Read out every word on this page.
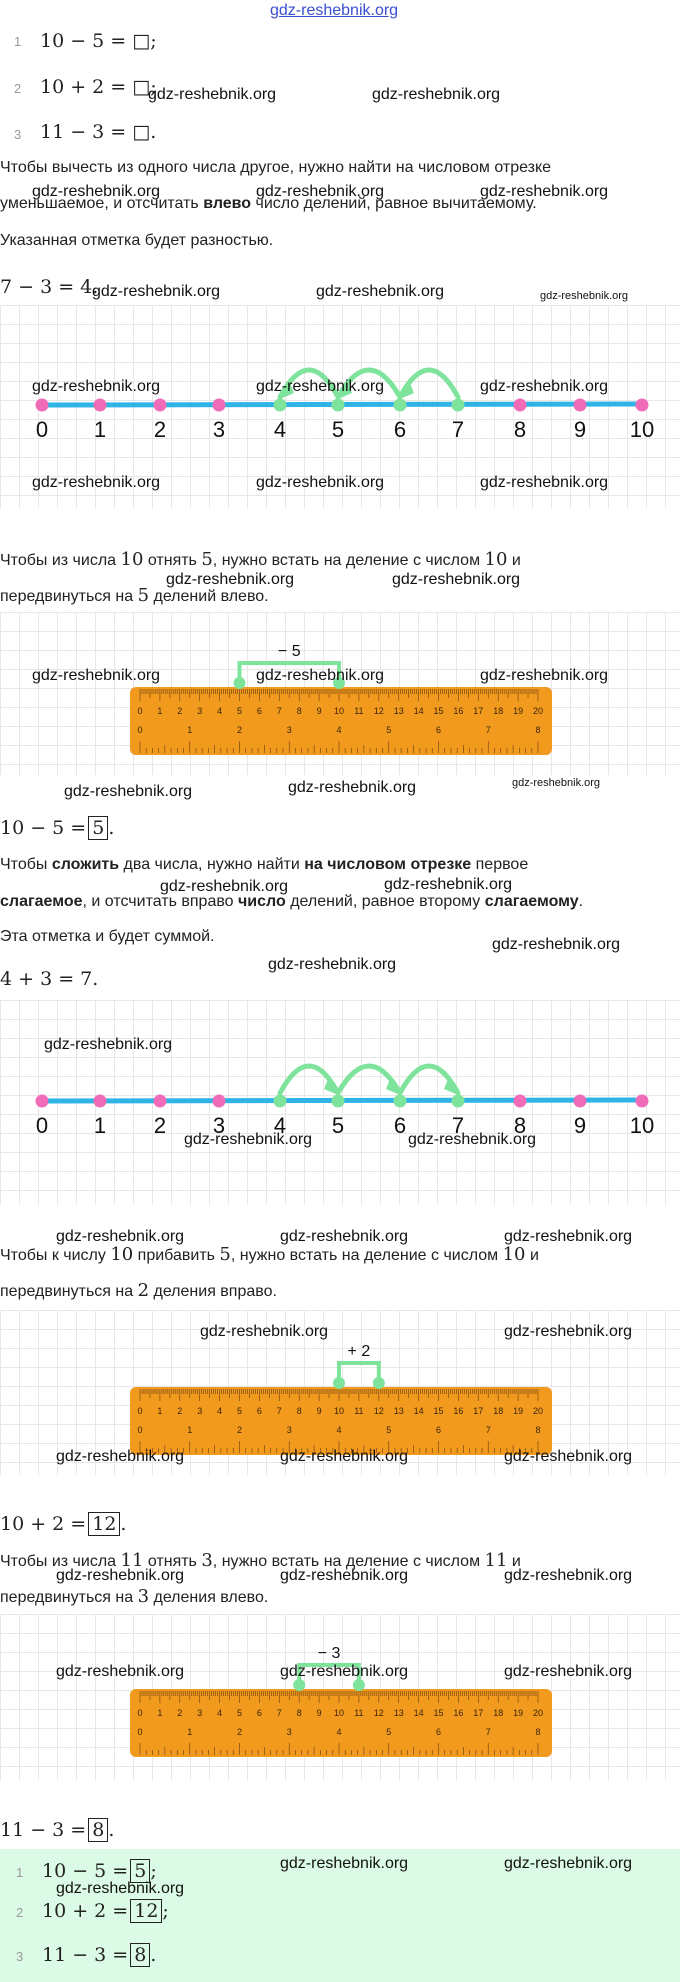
gdz-reshebnik.org
1 10 − 5 = □;
2 10 + 2 = □;
3 11 − 3 = □.
Чтобы вычесть из одного числа другое, нужно найти на числовом отрезке
уменьшаемое, и отсчитать влево число делений, равное вычитаемому.
Указанная отметка будет разностью.
7 − 3 = 4.
0 1 2 3 4 5 6 7 8 9 10
Чтобы из числа 10 отнять 5, нужно встать на деление с числом 10 и
передвинуться на 5 делений влево.
0 1 2 3 4 5 6 7 8 9 10 11 12 13 14 15 16 17 18 19 20
0	1	2	3	4	5	6	7	8
− 5
10 − 5 = 5 .
Чтобы сложить два числа, нужно найти на числовом отрезке первое
слагаемое, и отсчитать вправо число делений, равное второму слагаемому.
Эта отметка и будет суммой.
4 + 3 = 7.
0 1 2 3 4 5 6 7 8 9 10
Чтобы к числу 10 прибавить 5, нужно встать на деление с числом 10 и
передвинуться на 2 деления вправо.
0 1 2 3 4 5 6 7 8 9 10 11 12 13 14 15 16 17 18 19 20
0	1	2	3	4	5	6	7	8
+ 2
10 + 2 = 12 .
Чтобы из числа 11 отнять 3, нужно встать на деление с числом 11 и
передвинуться на 3 деления влево.
0 1 2 3 4 5 6 7 8 9 10 11 12 13 14 15 16 17 18 19 20
0	1	2	3	4	5	6	7	8
− 3
11 − 3 = 8 .
1 10 − 5 = 5 ;
2 10 + 2 = 12 ;
3 11 − 3 = 8 .
gdz-reshebnik.org	gdz-reshebnik.org
gdz-reshebnik.org	gdz-reshebnik.org	gdz-reshebnik.org
gdz-reshebnik.org	gdz-reshebnik.org	gdz-reshebnik.org
gdz-reshebnik.org	gdz-reshebnik.org	gdz-reshebnik.org
gdz-reshebnik.org	gdz-reshebnik.org	gdz-reshebnik.org
gdz-reshebnik.org	gdz-reshebnik.org
gdz-reshebnik.org	gdz-reshebnik.org	gdz-reshebnik.org
gdz-reshebnik.org	gdz-reshebnik.org	gdz-reshebnik.org
gdz-reshebnik.org	gdz-reshebnik.org
gdz-reshebnik.org
gdz-reshebnik.org
gdz-reshebnik.org
gdz-reshebnik.org	gdz-reshebnik.org
gdz-reshebnik.org	gdz-reshebnik.org	gdz-reshebnik.org
gdz-reshebnik.org	gdz-reshebnik.org
gdz-reshebnik.org	gdz-reshebnik.org	gdz-reshebnik.org
gdz-reshebnik.org	gdz-reshebnik.org	gdz-reshebnik.org
gdz-reshebnik.org	gdz-reshebnik.org	gdz-reshebnik.org
gdz-reshebnik.org	gdz-reshebnik.org
gdz-reshebnik.org
